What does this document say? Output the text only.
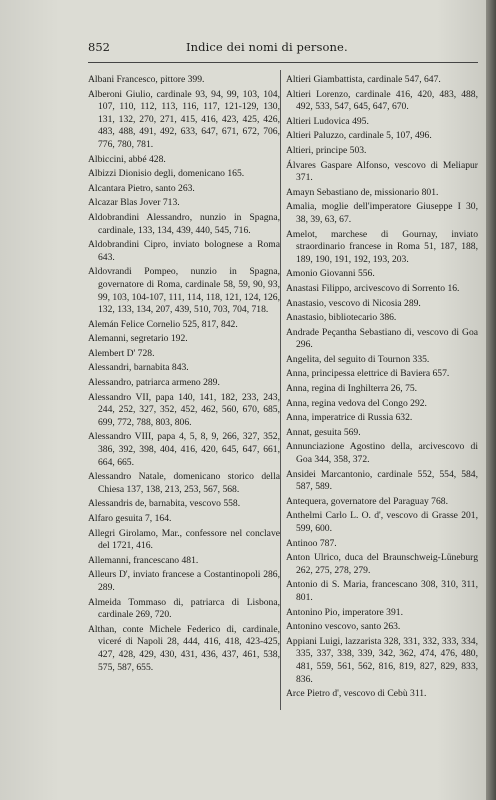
852	Indice dei nomi di persone.

Albani Francesco, pittore 399.

Alberoni Giulio, cardinale 93, 94, 99, 103, 104, 107, 110, 112, 113, 116, 117, 121-129, 130, 131, 132, 270, 271, 415, 416, 423, 425, 426, 483, 488, 491, 492, 633, 647, 671, 672, 706, 776, 780, 781.

Albiccini, abbé 428.

Albizzi Dionisio degli, domenicano 165.

Alcantara Pietro, santo 263.

Alcazar Blas Jover 713.

Aldobrandini Alessandro, nunzio in Spagna, cardinale, 133, 134, 439, 440, 545, 716.

Aldobrandini Cipro, inviato bolognese a Roma 643.

Aldovrandi Pompeo, nunzio in Spagna, governatore di Roma, cardinale 58, 59, 90, 93, 99, 103, 104-107, 111, 114, 118, 121, 124, 126, 132, 133, 134, 207, 439, 510, 703, 704, 718.

Alemán Felice Cornelio 525, 817, 842.

Alemanni, segretario 192.

Alembert D' 728.

Alessandri, barnabita 843.

Alessandro, patriarca armeno 289.

Alessandro VII, papa 140, 141, 182, 233, 243, 244, 252, 327, 352, 452, 462, 560, 670, 685, 699, 772, 788, 803, 806.

Alessandro VIII, papa 4, 5, 8, 9, 266, 327, 352, 386, 392, 398, 404, 416, 420, 645, 647, 661, 664, 665.

Alessandro Natale, domenicano storico della Chiesa 137, 138, 213, 253, 567, 568.

Alessandris de, barnabita, vescovo 558.

Alfaro gesuita 7, 164.

Allegri Girolamo, Mar., confessore nel conclave del 1721, 416.

Allemanni, francescano 481.

Alleurs D', inviato francese a Costantinopoli 286, 289.

Almeida Tommaso di, patriarca di Lisbona, cardinale 269, 720.

Althan, conte Michele Federico di, cardinale, viceré di Napoli 28, 444, 416, 418, 423-425, 427, 428, 429, 430, 431, 436, 437, 461, 538, 575, 587, 655.

Altieri Giambattista, cardinale 547, 647.

Altieri Lorenzo, cardinale 416, 420, 483, 488, 492, 533, 547, 645, 647, 670.

Altieri Ludovica 495.

Altieri Paluzzo, cardinale 5, 107, 496.

Altieri, principe 503.

Álvares Gaspare Alfonso, vescovo di Meliapur 371.

Amayn Sebastiano de, missionario 801.

Amalia, moglie dell'imperatore Giuseppe I 30, 38, 39, 63, 67.

Amelot, marchese di Gournay, inviato straordinario francese in Roma 51, 187, 188, 189, 190, 191, 192, 193, 203.

Amonio Giovanni 556.

Anastasi Filippo, arcivescovo di Sorrento 16.

Anastasio, vescovo di Nicosia 289.

Anastasio, bibliotecario 386.

Andrade Peçantha Sebastiano di, vescovo di Goa 296.

Angelita, del seguito di Tournon 335.

Anna, principessa elettrice di Baviera 657.

Anna, regina di Inghilterra 26, 75.

Anna, regina vedova del Congo 292.

Anna, imperatrice di Russia 632.

Annat, gesuita 569.

Annunciazione Agostino della, arcivescovo di Goa 344, 358, 372.

Ansidei Marcantonio, cardinale 552, 554, 584, 587, 589.

Antequera, governatore del Paraguay 768.

Anthelmi Carlo L. O. d', vescovo di Grasse 201, 599, 600.

Antinoo 787.

Anton Ulrico, duca del Braunschweig-Lüneburg 262, 275, 278, 279.

Antonio di S. Maria, francescano 308, 310, 311, 801.

Antonino Pio, imperatore 391.

Antonino vescovo, santo 263.

Appiani Luigi, lazzarista 328, 331, 332, 333, 334, 335, 337, 338, 339, 342, 362, 474, 476, 480, 481, 559, 561, 562, 816, 819, 827, 829, 833, 836.

Arce Pietro d', vescovo di Cebù 311.
